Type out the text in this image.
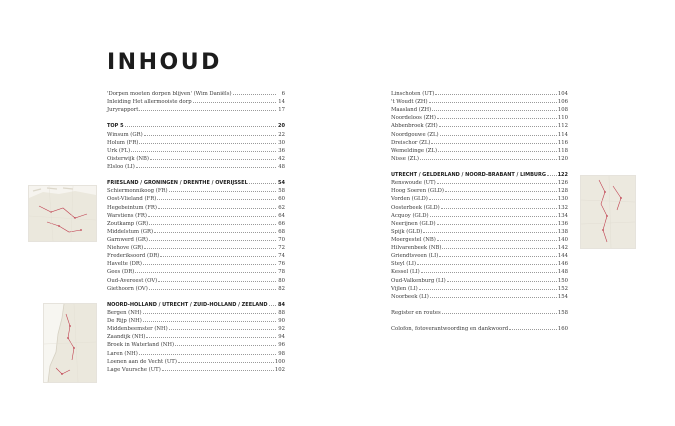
INHOUD
'Dorpen moeten dorpen blijven' (Wim Daniëls)	6
Inleiding Het allermooiste dorp	14
Juryrapport	17
TOP 5	20
Winsum (GR)	22
Holum (FR)	30
Urk (FL)	36
Oisterwijk (NB)	42
Elsloo (LI)	48
FRIESLAND / GRONINGEN / DRENTHE / OVERIJSSEL	54
Schiermonnikoog (FR)	58
Oost-Vlieland (FR)	60
Hegebeintum (FR)	62
Warstiens (FR)	64
Zoutkamp (GR)	66
Middelstum (GR)	68
Garnwerd (GR)	70
Niehove (GR)	72
Frederiksoord (DR)	74
Havelte (DR)	76
Gees (DR)	78
Oud-Avereest (OV)	80
Giethoorn (OV)	82
NOORD-HOLLAND / UTRECHT / ZUID-HOLLAND / ZEELAND 84
Bergen (NH)	88
De Rijp (NH)	90
Middenbeemster (NH)	92
Zaandijk (NH)	94
Broek in Waterland (NH)	96
Laren (NH)	98
Loenen aan de Vecht (UT)	100
Lage Vuursche (UT)	102
Linschoten (UT)	104
't Woudt (ZH)	106
Maasland (ZH)	108
Noordeloos (ZH)	110
Abbenbroek (ZH)	112
Noordgouwe (ZL)	114
Dreischor (ZL)	116
Wemeldinge (ZL)	118
Nisse (ZL)	120
UTRECHT / GELDERLAND / NOORD-BRABANT / LIMBURG 122
Renswoude (UT)	126
Hoog Soeren (GLD)	128
Vorden (GLD)	130
Oosterbeek (GLD)	132
Acquoy (GLD)	134
Neerijnen (GLD)	136
Spijk (GLD)	138
Moergestel (NB)	140
Hilvarenbeek (NB)	142
Griendtsveen (LI)	144
Steyl (LI)	146
Kessel (LI)	148
Oud-Valkenburg (LI)	150
Vijlen (LI)	152
Noorbeek (LI)	154
Register en routes	158
Colofon, fotoverantwoording en dankwoord	160
